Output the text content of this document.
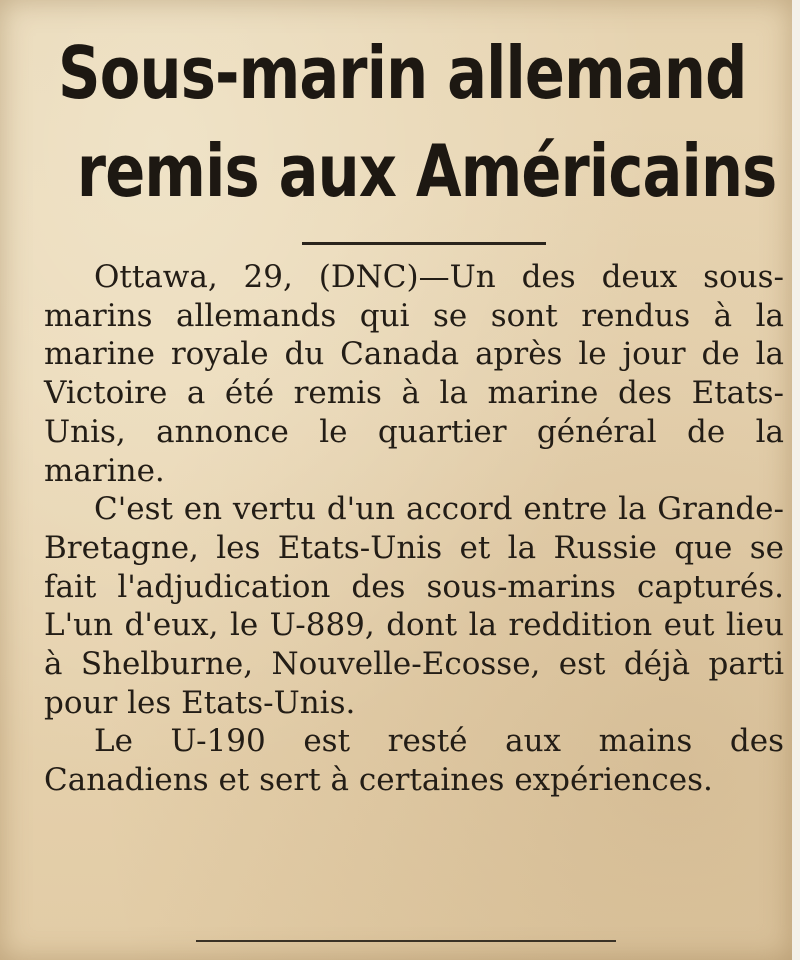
Sous-marin allemand
remis aux Américains

Ottawa, 29, (DNC)—Un des deux sous-marins allemands qui se sont rendus à la marine royale du Canada après le jour de la Victoire a été remis à la marine des Etats-Unis, annonce le quartier général de la marine.

C'est en vertu d'un accord entre la Grande-Bretagne, les Etats-Unis et la Russie que se fait l'adjudication des sous-marins capturés. L'un d'eux, le U-889, dont la reddition eut lieu à Shelburne, Nouvelle-Ecosse, est déjà parti pour les Etats-Unis.

Le U-190 est resté aux mains des Canadiens et sert à certaines expériences.
